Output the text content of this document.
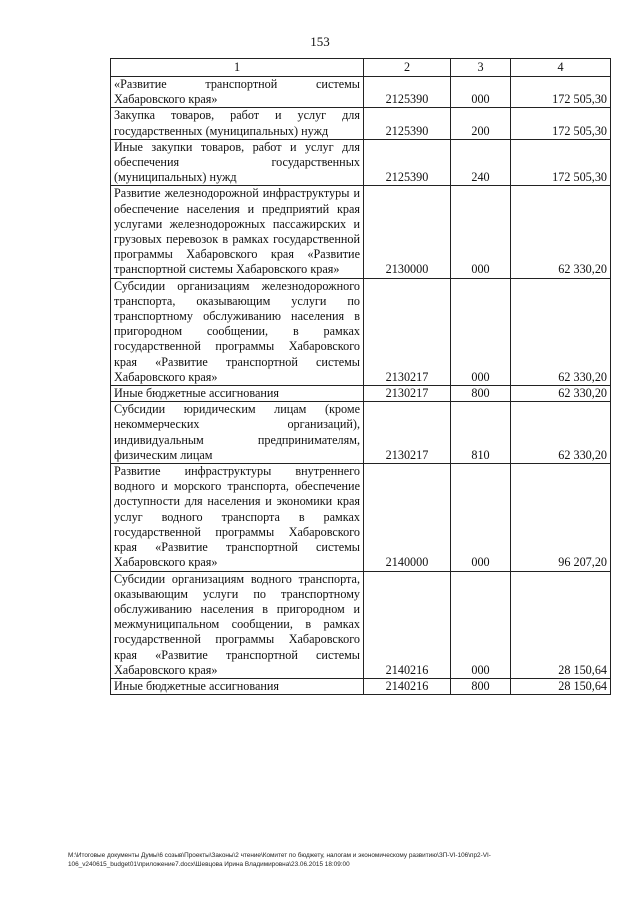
153
1	2	3	4
«Развитие транспортной системы Хабаровского края»	2125390	000	172 505,30
Закупка товаров, работ и услуг для государственных (муниципальных) нужд	2125390	200	172 505,30
Иные закупки товаров, работ и услуг для обеспечения государственных (муниципальных) нужд	2125390	240	172 505,30
Развитие железнодорожной инфраструктуры и обеспечение населения и предприятий края услугами железнодорожных пассажирских и грузовых перевозок в рамках государственной программы Хабаровского края «Развитие транспортной системы Хабаровского края»	2130000	000	62 330,20
Субсидии организациям железнодорожного транспорта, оказывающим услуги по транспортному обслуживанию населения в пригородном сообщении, в рамках государственной программы Хабаровского края «Развитие транспортной системы Хабаровского края»	2130217	000	62 330,20
Иные бюджетные ассигнования	2130217	800	62 330,20
Субсидии юридическим лицам (кроме некоммерческих организаций), индивидуальным предпринимателям, физическим лицам	2130217	810	62 330,20
Развитие инфраструктуры внутреннего водного и морского транспорта, обеспечение доступности для населения и экономики края услуг водного транспорта в рамках государственной программы Хабаровского края «Развитие транспортной системы Хабаровского края»	2140000	000	96 207,20
Субсидии организациям водного транспорта, оказывающим услуги по транспортному обслуживанию населения в пригородном и межмуниципальном сообщении, в рамках государственной программы Хабаровского края «Развитие транспортной системы Хабаровского края»	2140216	000	28 150,64
Иные бюджетные ассигнования	2140216	800	28 150,64
М:\Итоговые документы Думы\6 созыв\Проекты\Законы\2 чтение\Комитет по бюджету, налогам и экономическому развитию\ЗП-VI-106\пр2-VI-106_v240615_budget01\приложение7.docx\Шевцова Ирина Владимировна\23.06.2015 18:09:00
